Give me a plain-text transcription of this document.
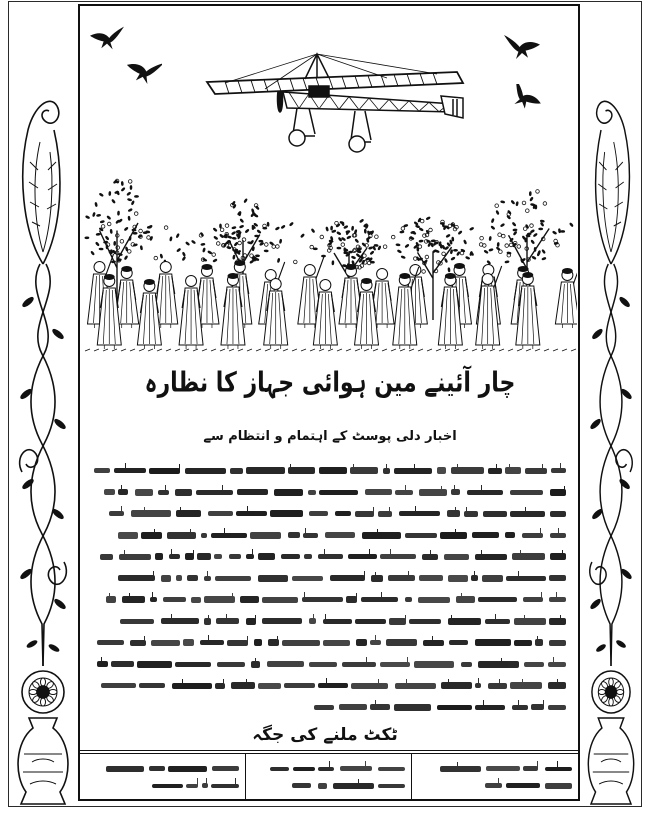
چار آئینے مین ہوائی جہاز کا نظارہ
اخبار دلی پوسٹ کے اہتمام و انتظام سے
ٹکٹ ملنے کی جگہ
